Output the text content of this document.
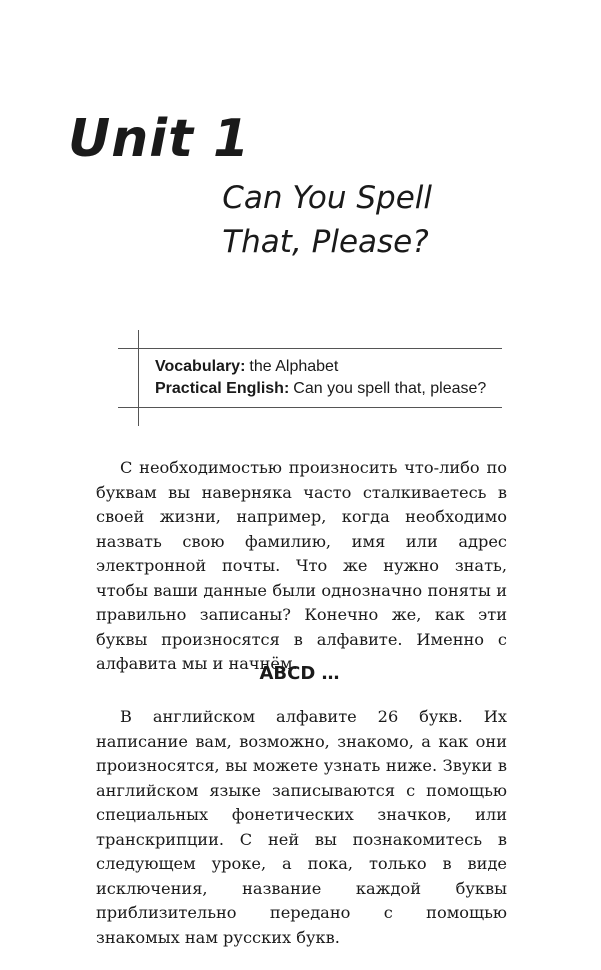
Unit 1
Can You Spell
That, Please?
Vocabulary: the Alphabet
Practical English: Can you spell that, please?

С необходимостью произносить что-либо по буквам вы наверняка часто сталкиваетесь в своей жизни, например, когда необходимо назвать свою фамилию, имя или адрес электронной почты. Что же нужно знать, чтобы ваши данные были однозначно поняты и правильно записаны? Конечно же, как эти буквы произносятся в алфавите. Именно с алфавита мы и начнём.

ABCD …

В английском алфавите 26 букв. Их написание вам, возможно, знакомо, а как они произносятся, вы можете узнать ниже. Звуки в английском языке записываются с помощью специальных фонетических значков, или транскрипции. С ней вы познакомитесь в следующем уроке, а пока, только в виде исключения, название каждой буквы приблизительно передано с помощью знакомых нам русских букв.
